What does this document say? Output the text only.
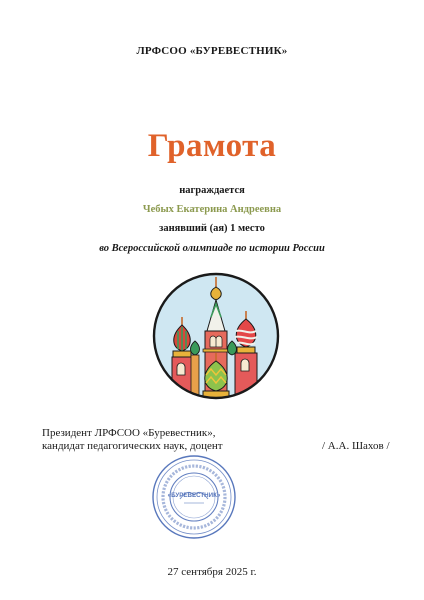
ЛРФСОО «БУРЕВЕСТНИК»
Грамота
награждается
Чебых Екатерина Андреевна
занявший (ая) 1 место
во Всероссийской олимпиаде по истории России
Президент ЛРФСОО «Буревестник»,
кандидат педагогических наук, доцент	/ А.А. Шахов /
«БУРЕВЕСТНИК»
27 сентября 2025 г.
